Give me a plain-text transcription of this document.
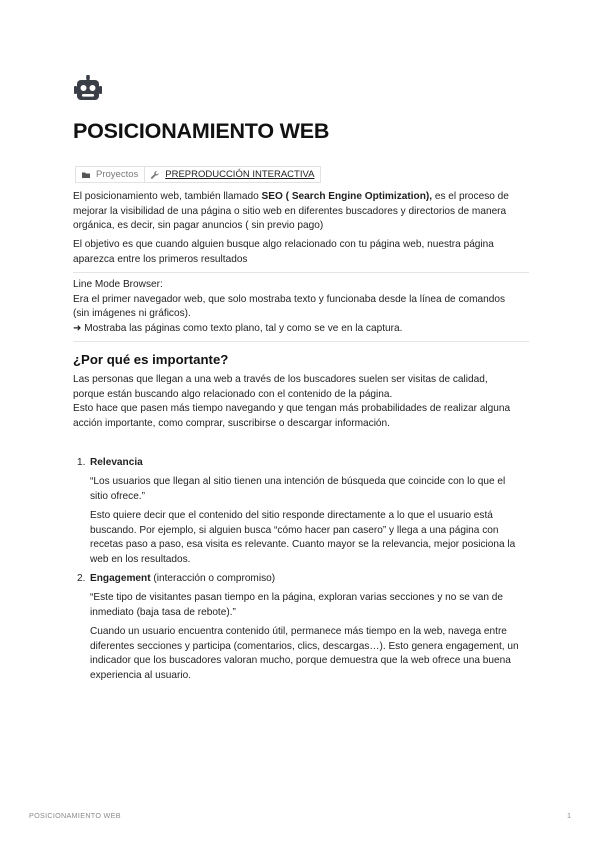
POSICIONAMIENTO WEB
Proyectos	PREPRODUCCIÓN INTERACTIVA
El posicionamiento web, también llamado SEO ( Search Engine Optimization), es el proceso de
mejorar la visibilidad de una página o sitio web en diferentes buscadores y directorios de manera
orgánica, es decir, sin pagar anuncios ( sin previo pago)
El objetivo es que cuando alguien busque algo relacionado con tu página web, nuestra página
aparezca entre los primeros resultados
Line Mode Browser:
Era el primer navegador web, que solo mostraba texto y funcionaba desde la línea de comandos
(sin imágenes ni gráficos).
➜ Mostraba las páginas como texto plano, tal y como se ve en la captura.
¿Por qué es importante?
Las personas que llegan a una web a través de los buscadores suelen ser visitas de calidad,
porque están buscando algo relacionado con el contenido de la página.
Esto hace que pasen más tiempo navegando y que tengan más probabilidades de realizar alguna
acción importante, como comprar, suscribirse o descargar información.
1. Relevancia
“Los usuarios que llegan al sitio tienen una intención de búsqueda que coincide con lo que el
sitio ofrece.”
Esto quiere decir que el contenido del sitio responde directamente a lo que el usuario está
buscando. Por ejemplo, si alguien busca “cómo hacer pan casero” y llega a una página con
recetas paso a paso, esa visita es relevante. Cuanto mayor se la relevancia, mejor posiciona la
web en los resultados.
2. Engagement (interacción o compromiso)
“Este tipo de visitantes pasan tiempo en la página, exploran varias secciones y no se van de
inmediato (baja tasa de rebote).”
Cuando un usuario encuentra contenido útil, permanece más tiempo en la web, navega entre
diferentes secciones y participa (comentarios, clics, descargas…). Esto genera engagement, un
indicador que los buscadores valoran mucho, porque demuestra que la web ofrece una buena
experiencia al usuario.
POSICIONAMIENTO WEB	1
